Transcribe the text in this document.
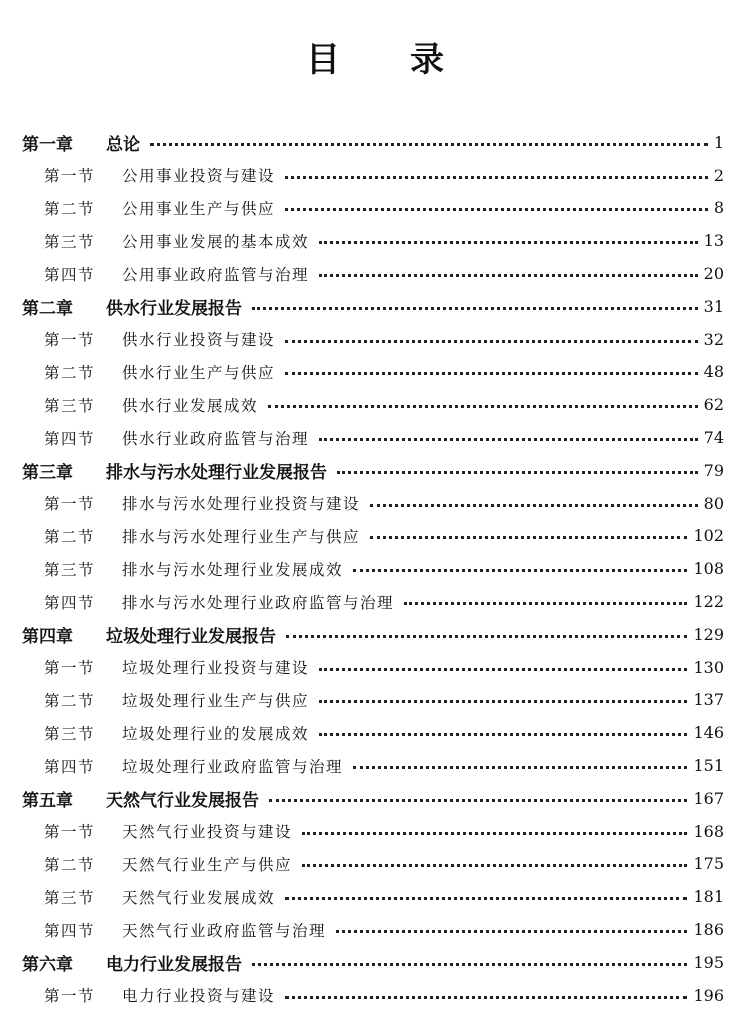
目 录
第一章	总论	1
第一节	公用事业投资与建设	2
第二节	公用事业生产与供应	8
第三节	公用事业发展的基本成效	13
第四节	公用事业政府监管与治理	20
第二章	供水行业发展报告	31
第一节	供水行业投资与建设	32
第二节	供水行业生产与供应	48
第三节	供水行业发展成效	62
第四节	供水行业政府监管与治理	74
第三章	排水与污水处理行业发展报告	79
第一节	排水与污水处理行业投资与建设	80
第二节	排水与污水处理行业生产与供应	102
第三节	排水与污水处理行业发展成效	108
第四节	排水与污水处理行业政府监管与治理	122
第四章	垃圾处理行业发展报告	129
第一节	垃圾处理行业投资与建设	130
第二节	垃圾处理行业生产与供应	137
第三节	垃圾处理行业的发展成效	146
第四节	垃圾处理行业政府监管与治理	151
第五章	天然气行业发展报告	167
第一节	天然气行业投资与建设	168
第二节	天然气行业生产与供应	175
第三节	天然气行业发展成效	181
第四节	天然气行业政府监管与治理	186
第六章	电力行业发展报告	195
第一节	电力行业投资与建设	196
